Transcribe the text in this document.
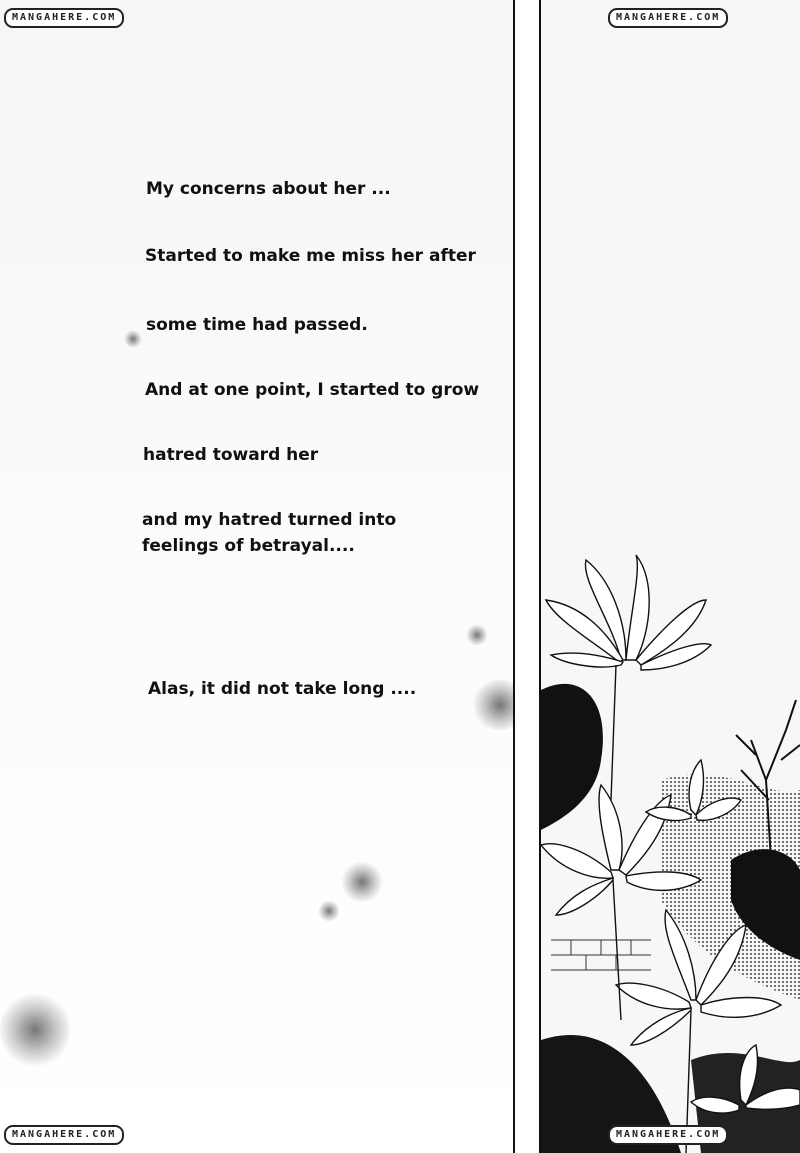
My concerns about her ...
Started to make me miss her after
some time had passed.
And at one point, I started to grow
hatred toward her
and my hatred turned into
feelings of betrayal....
Alas, it did not take long ....
MANGAHERE.COM	MANGAHERE.COM
MANGAHERE.COM	MANGAHERE.COM
